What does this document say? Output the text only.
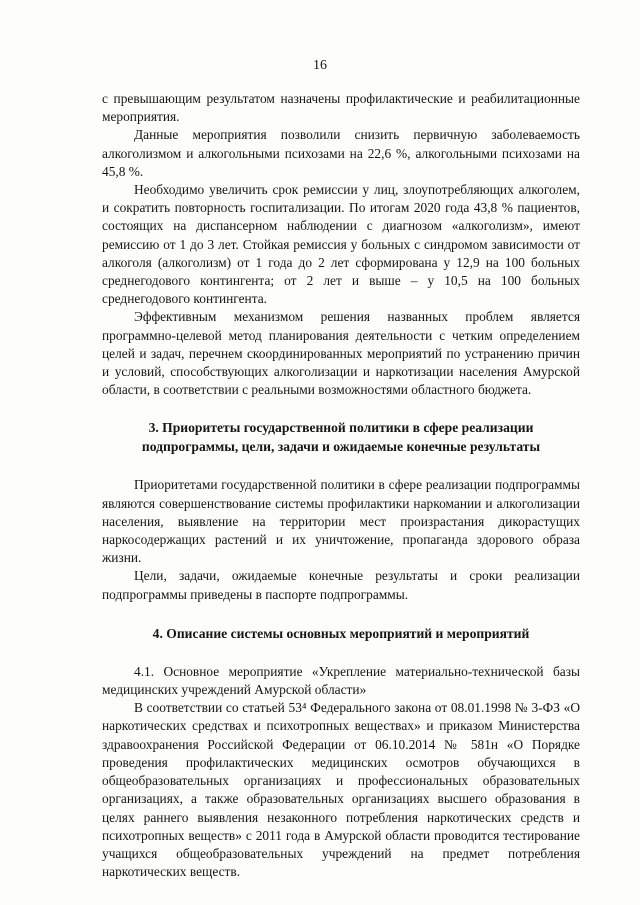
16

с превышающим результатом назначены профилактические и реабилитационные мероприятия.

Данные мероприятия позволили снизить первичную заболеваемость алкоголизмом и алкогольными психозами на 22,6 %, алкогольными психозами на 45,8 %.

Необходимо увеличить срок ремиссии у лиц, злоупотребляющих алкоголем, и сократить повторность госпитализации. По итогам 2020 года 43,8 % пациентов, состоящих на диспансерном наблюдении с диагнозом «алкоголизм», имеют ремиссию от 1 до 3 лет. Стойкая ремиссия у больных с синдромом зависимости от алкоголя (алкоголизм) от 1 года до 2 лет сформирована у 12,9 на 100 больных среднегодового контингента; от 2 лет и выше – у 10,5 на 100 больных среднегодового контингента.

Эффективным механизмом решения названных проблем является программно-целевой метод планирования деятельности с четким определением целей и задач, перечнем скоординированных мероприятий по устранению причин и условий, способствующих алкоголизации и наркотизации населения Амурской области, в соответствии с реальными возможностями областного бюджета.

3. Приоритеты государственной политики в сфере реализации подпрограммы, цели, задачи и ожидаемые конечные результаты

Приоритетами государственной политики в сфере реализации подпрограммы являются совершенствование системы профилактики наркомании и алкоголизации населения, выявление на территории мест произрастания дикорастущих наркосодержащих растений и их уничтожение, пропаганда здорового образа жизни.

Цели, задачи, ожидаемые конечные результаты и сроки реализации подпрограммы приведены в паспорте подпрограммы.

4. Описание системы основных мероприятий и мероприятий

4.1. Основное мероприятие «Укрепление материально-технической базы медицинских учреждений Амурской области»

В соответствии со статьей 53⁴ Федерального закона от 08.01.1998 № 3-ФЗ «О наркотических средствах и психотропных веществах» и приказом Министерства здравоохранения Российской Федерации от 06.10.2014 № 581н «О Порядке проведения профилактических медицинских осмотров обучающихся в общеобразовательных организациях и профессиональных образовательных организациях, а также образовательных организациях высшего образования в целях раннего выявления незаконного потребления наркотических средств и психотропных веществ» с 2011 года в Амурской области проводится тестирование учащихся общеобразовательных учреждений на предмет потребления наркотических веществ.
